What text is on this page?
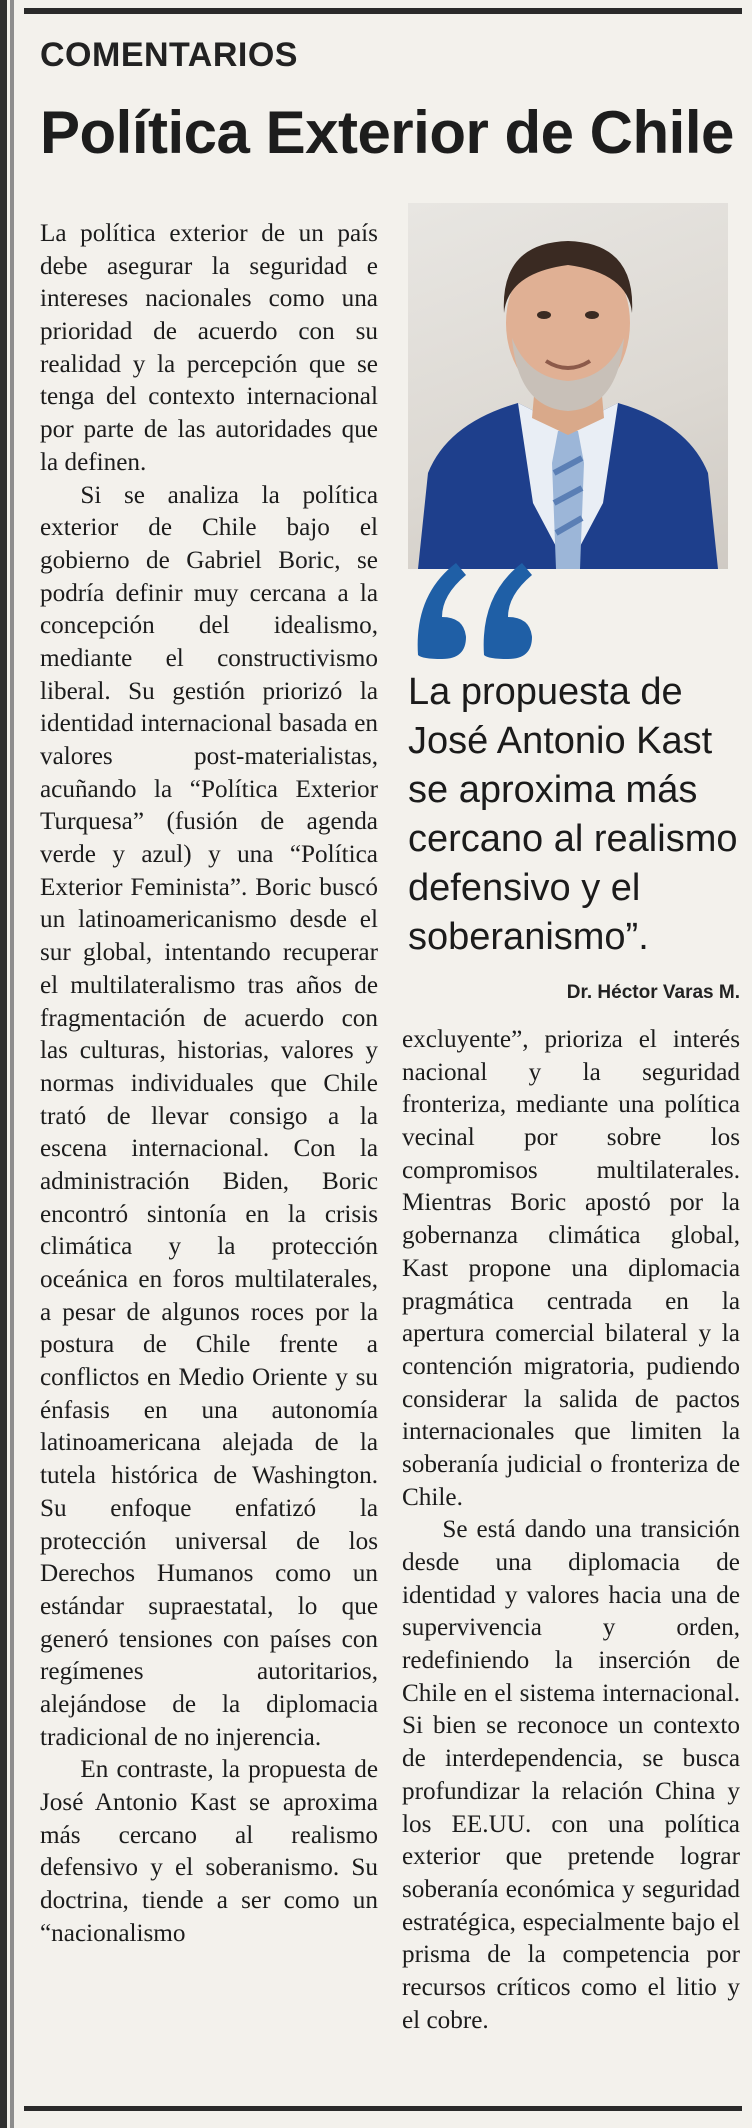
COMENTARIOS
Política Exterior de Chile

La política exterior de un país debe asegurar la seguridad e intereses nacionales como una prioridad de acuerdo con su realidad y la percepción que se tenga del contexto internacional por parte de las autoridades que la definen.

Si se analiza la política exterior de Chile bajo el gobierno de Gabriel Boric, se podría definir muy cercana a la concepción del idealismo, mediante el constructivismo liberal. Su gestión priorizó la identidad internacional basada en valores post-materialistas, acuñando la “Política Exterior Turquesa” (fusión de agenda verde y azul) y una “Política Exterior Feminista”. Boric buscó un latinoamericanismo desde el sur global, intentando recuperar el multilateralismo tras años de fragmentación de acuerdo con las culturas, historias, valores y normas individuales que Chile trató de llevar consigo a la escena internacional. Con la administración Biden, Boric encontró sintonía en la crisis climática y la protección oceánica en foros multilaterales, a pesar de algunos roces por la postura de Chile frente a conflictos en Medio Oriente y su énfasis en una autonomía latinoamericana alejada de la tutela histórica de Washington. Su enfoque enfatizó la protección universal de los Derechos Humanos como un estándar supraestatal, lo que generó tensiones con países con regímenes autoritarios, alejándose de la diplomacia tradicional de no injerencia.

En contraste, la propuesta de José Antonio Kast se aproxima más cercano al realismo defensivo y el soberanismo. Su doctrina, tiende a ser como un “nacionalismo

La propuesta de José Antonio Kast se aproxima más cercano al realismo defensivo y el soberanismo”.
Dr. Héctor Varas M.

excluyente”, prioriza el interés nacional y la seguridad fronteriza, mediante una política vecinal por sobre los compromisos multilaterales. Mientras Boric apostó por la gobernanza climática global, Kast propone una diplomacia pragmática centrada en la apertura comercial bilateral y la contención migratoria, pudiendo considerar la salida de pactos internacionales que limiten la soberanía judicial o fronteriza de Chile.

Se está dando una transición desde una diplomacia de identidad y valores hacia una de supervivencia y orden, redefiniendo la inserción de Chile en el sistema internacional. Si bien se reconoce un contexto de interdependencia, se busca profundizar la relación China y los EE.UU. con una política exterior que pretende lograr soberanía económica y seguridad estratégica, especialmente bajo el prisma de la competencia por recursos críticos como el litio y el cobre.
